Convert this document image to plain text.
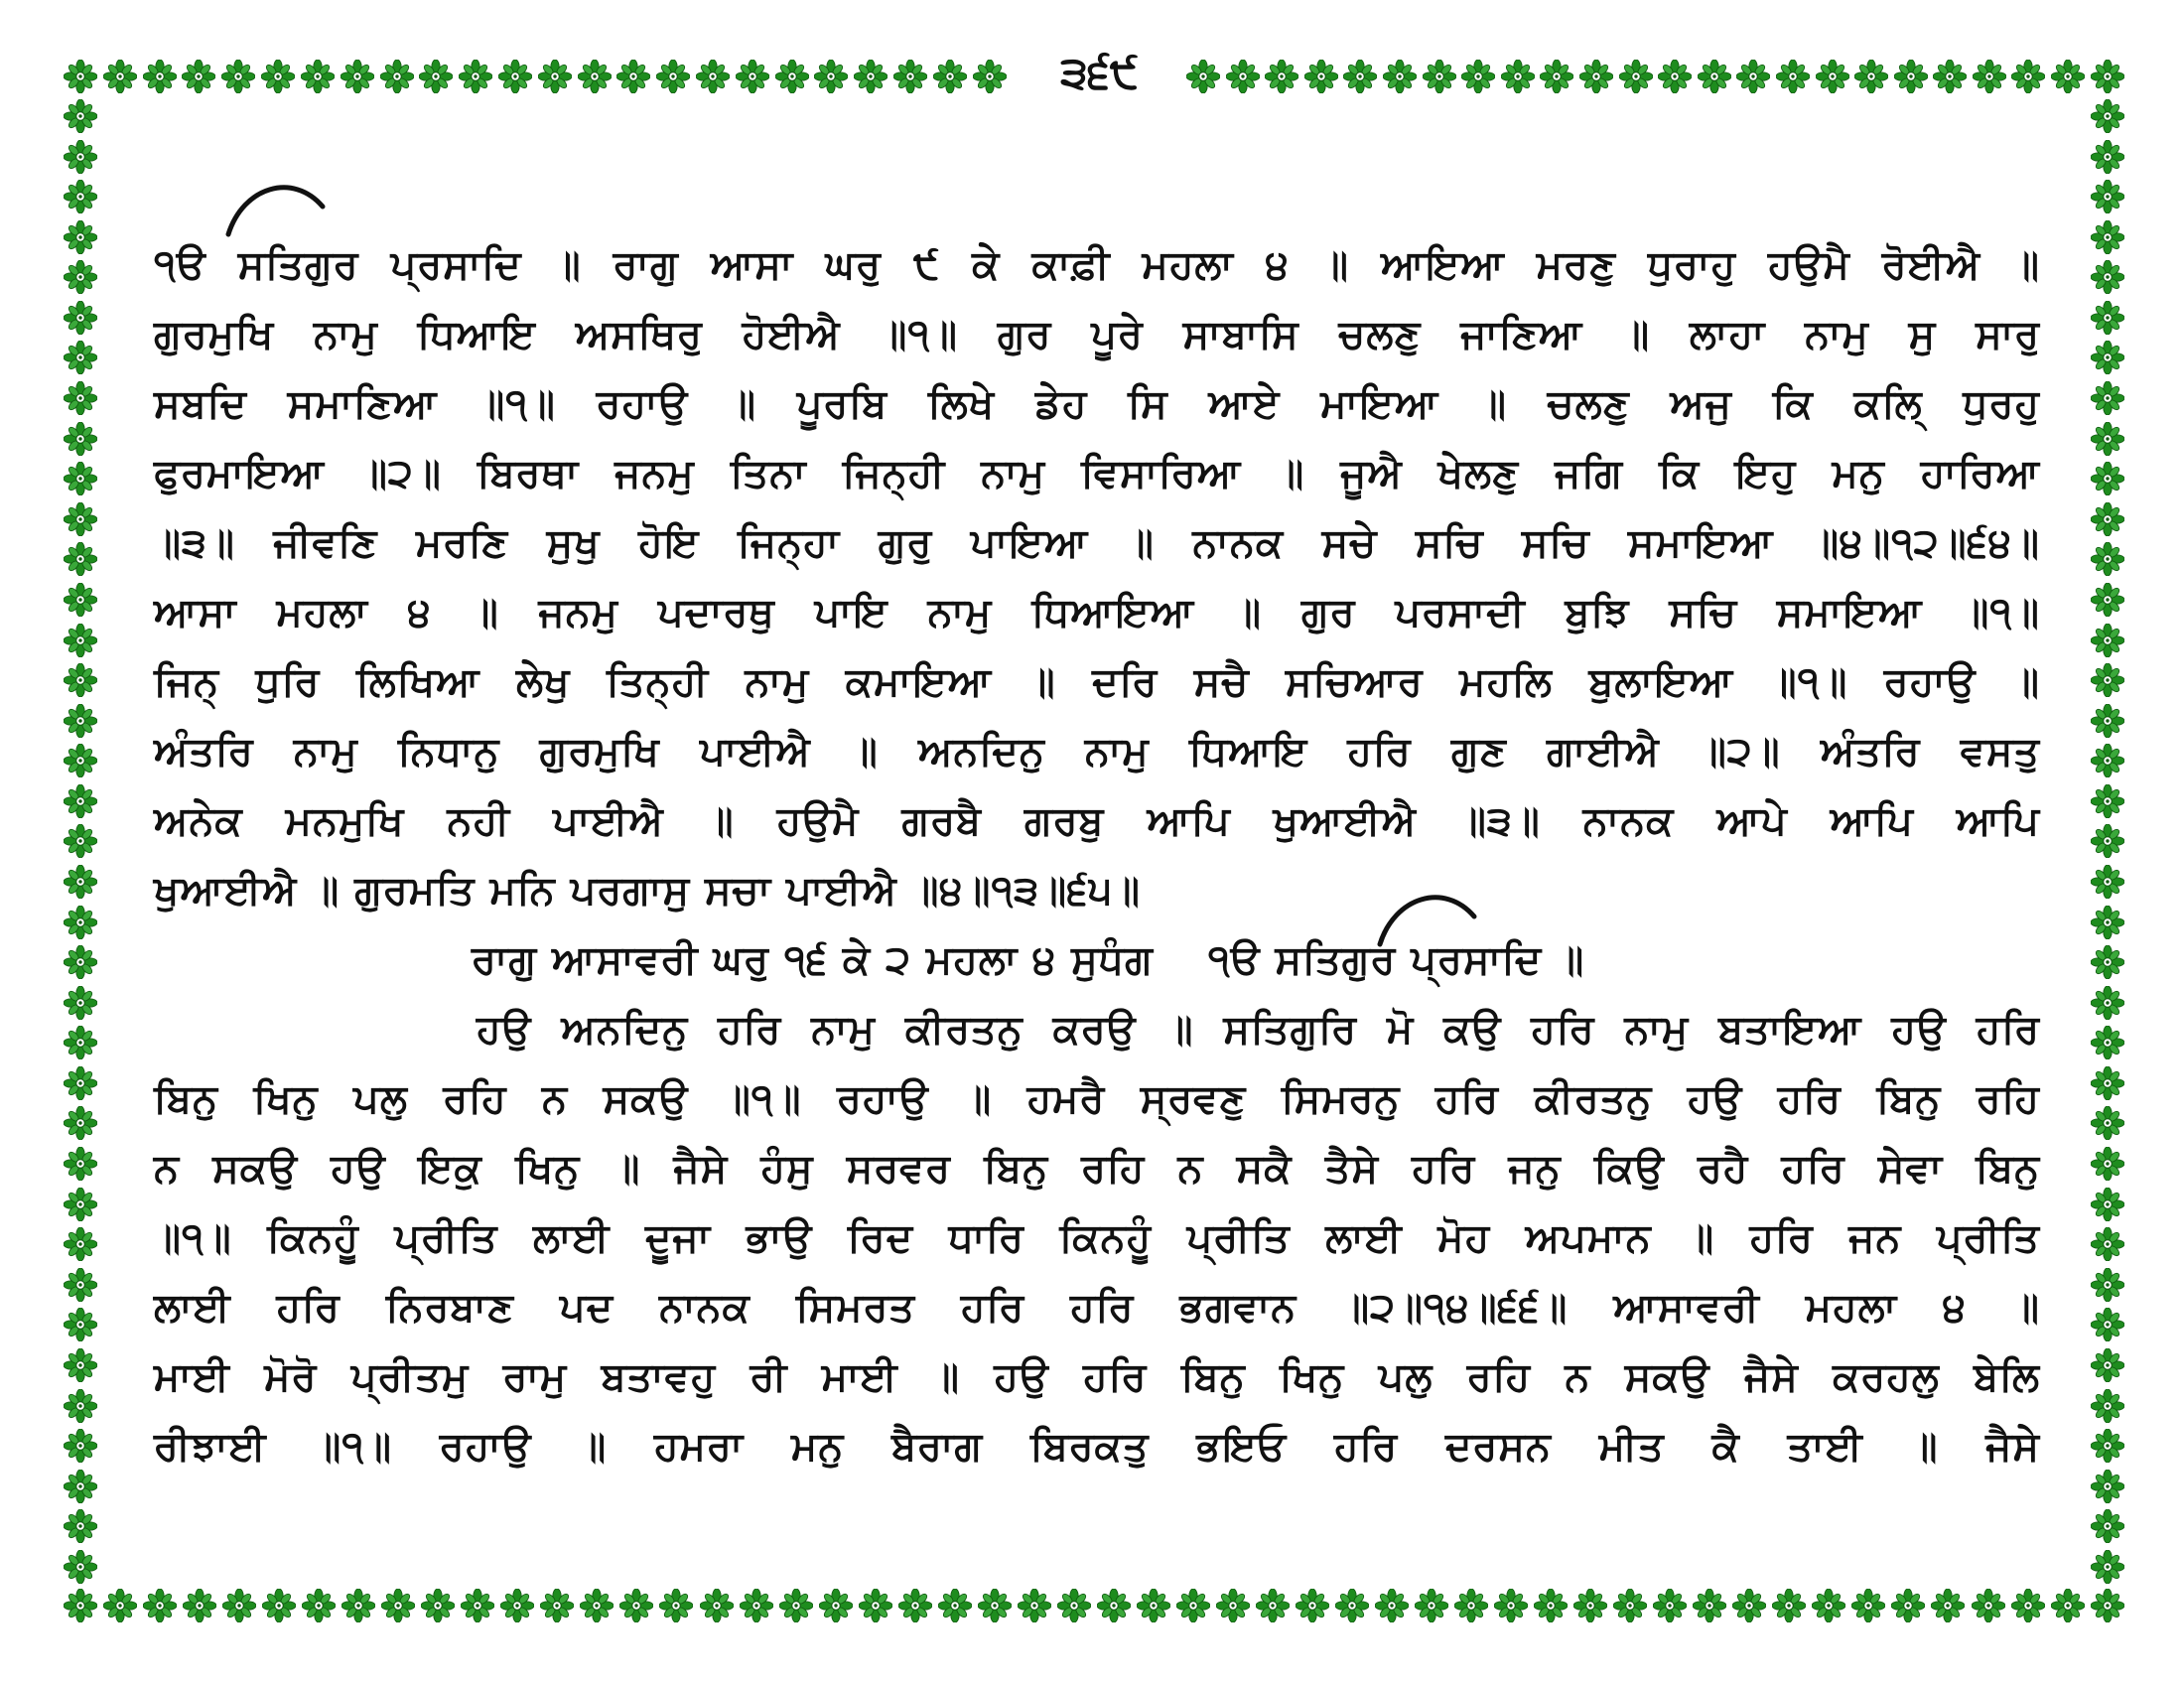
੩੬੯
੧ੳ ਸਤਿਗੁਰ ਪ੍ਰਸਾਦਿ ॥ ਰਾਗੁ ਆਸਾ ਘਰੁ ੯ ਕੇ ਕਾਫ਼ੀ ਮਹਲਾ ੪ ॥ ਆਇਆ ਮਰਣੁ ਧੁਰਾਹੁ ਹਉਮੈ ਰੋਈਐ ॥
ਗੁਰਮੁਖਿ ਨਾਮੁ ਧਿਆਇ ਅਸਥਿਰੁ ਹੋਈਐ ॥੧॥ ਗੁਰ ਪੂਰੇ ਸਾਬਾਸਿ ਚਲਣੁ ਜਾਣਿਆ ॥ ਲਾਹਾ ਨਾਮੁ ਸੁ ਸਾਰੁ
ਸਬਦਿ ਸਮਾਣਿਆ ॥੧॥ ਰਹਾਉ ॥ ਪੂਰਬਿ ਲਿਖੇ ਡੇਹ ਸਿ ਆਏ ਮਾਇਆ ॥ ਚਲਣੁ ਅਜੁ ਕਿ ਕਲਿ੍ ਧੁਰਹੁ
ਫੁਰਮਾਇਆ ॥੨॥ ਬਿਰਥਾ ਜਨਮੁ ਤਿਨਾ ਜਿਨ੍ਹੀ ਨਾਮੁ ਵਿਸਾਰਿਆ ॥ ਜੂਐ ਖੇਲਣੁ ਜਗਿ ਕਿ ਇਹੁ ਮਨੁ ਹਾਰਿਆ
॥੩॥ ਜੀਵਣਿ ਮਰਣਿ ਸੁਖੁ ਹੋਇ ਜਿਨ੍ਹਾ ਗੁਰੁ ਪਾਇਆ ॥ ਨਾਨਕ ਸਚੇ ਸਚਿ ਸਚਿ ਸਮਾਇਆ ॥੪॥੧੨॥੬੪॥
ਆਸਾ ਮਹਲਾ ੪ ॥ ਜਨਮੁ ਪਦਾਰਥੁ ਪਾਇ ਨਾਮੁ ਧਿਆਇਆ ॥ ਗੁਰ ਪਰਸਾਦੀ ਬੁਝਿ ਸਚਿ ਸਮਾਇਆ ॥੧॥
ਜਿਨ੍ ਧੁਰਿ ਲਿਖਿਆ ਲੇਖੁ ਤਿਨ੍ਹੀ ਨਾਮੁ ਕਮਾਇਆ ॥ ਦਰਿ ਸਚੈ ਸਚਿਆਰ ਮਹਲਿ ਬੁਲਾਇਆ ॥੧॥ ਰਹਾਉ ॥
ਅੰਤਰਿ ਨਾਮੁ ਨਿਧਾਨੁ ਗੁਰਮੁਖਿ ਪਾਈਐ ॥ ਅਨਦਿਨੁ ਨਾਮੁ ਧਿਆਇ ਹਰਿ ਗੁਣ ਗਾਈਐ ॥੨॥ ਅੰਤਰਿ ਵਸਤੁ
ਅਨੇਕ ਮਨਮੁਖਿ ਨਹੀ ਪਾਈਐ ॥ ਹਉਮੈ ਗਰਬੈ ਗਰਬੁ ਆਪਿ ਖੁਆਈਐ ॥੩॥ ਨਾਨਕ ਆਪੇ ਆਪਿ ਆਪਿ
ਖੁਆਈਐ ॥ ਗੁਰਮਤਿ ਮਨਿ ਪਰਗਾਸੁ ਸਚਾ ਪਾਈਐ ॥੪॥੧੩॥੬੫॥
ਰਾਗੁ ਆਸਾਵਰੀ ਘਰੁ ੧੬ ਕੇ ੨ ਮਹਲਾ ੪ ਸੁਧੰਗ ੧ੳ ਸਤਿਗੁਰ ਪ੍ਰਸਾਦਿ ॥
ਹਉ ਅਨਦਿਨੁ ਹਰਿ ਨਾਮੁ ਕੀਰਤਨੁ ਕਰਉ ॥ ਸਤਿਗੁਰਿ ਮੋ ਕਉ ਹਰਿ ਨਾਮੁ ਬਤਾਇਆ ਹਉ ਹਰਿ
ਬਿਨੁ ਖਿਨੁ ਪਲੁ ਰਹਿ ਨ ਸਕਉ ॥੧॥ ਰਹਾਉ ॥ ਹਮਰੈ ਸ੍ਰਵਣੁ ਸਿਮਰਨੁ ਹਰਿ ਕੀਰਤਨੁ ਹਉ ਹਰਿ ਬਿਨੁ ਰਹਿ
ਨ ਸਕਉ ਹਉ ਇਕੁ ਖਿਨੁ ॥ ਜੈਸੇ ਹੰਸੁ ਸਰਵਰ ਬਿਨੁ ਰਹਿ ਨ ਸਕੈ ਤੈਸੇ ਹਰਿ ਜਨੁ ਕਿਉ ਰਹੈ ਹਰਿ ਸੇਵਾ ਬਿਨੁ
॥੧॥ ਕਿਨਹੂੰ ਪ੍ਰੀਤਿ ਲਾਈ ਦੂਜਾ ਭਾਉ ਰਿਦ ਧਾਰਿ ਕਿਨਹੂੰ ਪ੍ਰੀਤਿ ਲਾਈ ਮੋਹ ਅਪਮਾਨ ॥ ਹਰਿ ਜਨ ਪ੍ਰੀਤਿ
ਲਾਈ ਹਰਿ ਨਿਰਬਾਣ ਪਦ ਨਾਨਕ ਸਿਮਰਤ ਹਰਿ ਹਰਿ ਭਗਵਾਨ ॥੨॥੧੪॥੬੬॥ ਆਸਾਵਰੀ ਮਹਲਾ ੪ ॥
ਮਾਈ ਮੋਰੋ ਪ੍ਰੀਤਮੁ ਰਾਮੁ ਬਤਾਵਹੁ ਰੀ ਮਾਈ ॥ ਹਉ ਹਰਿ ਬਿਨੁ ਖਿਨੁ ਪਲੁ ਰਹਿ ਨ ਸਕਉ ਜੈਸੇ ਕਰਹਲੁ ਬੇਲਿ
ਰੀਝਾਈ ॥੧॥ ਰਹਾਉ ॥ ਹਮਰਾ ਮਨੁ ਬੈਰਾਗ ਬਿਰਕਤੁ ਭਇਓ ਹਰਿ ਦਰਸਨ ਮੀਤ ਕੈ ਤਾਈ ॥ ਜੈਸੇ
